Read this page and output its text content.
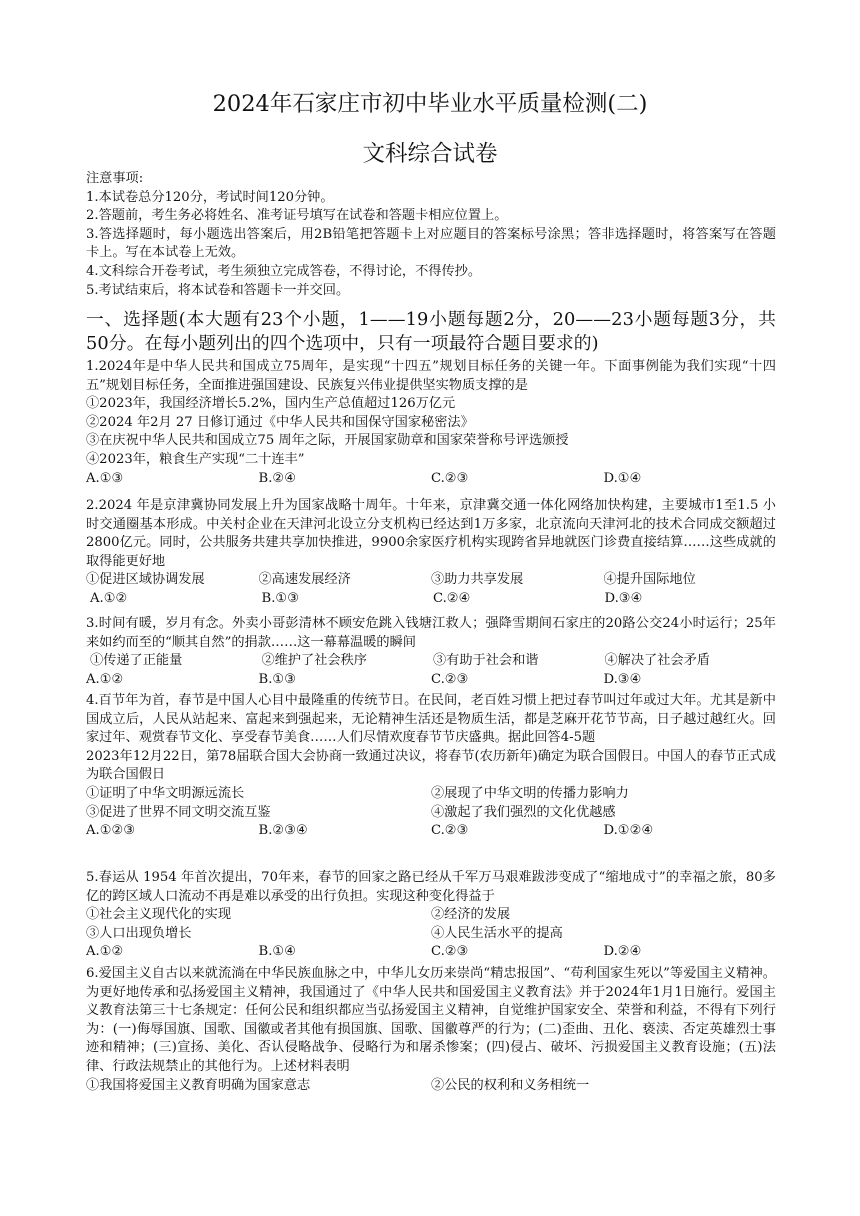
2024年石家庄市初中毕业水平质量检测(二)
文科综合试卷

注意事项:

1.本试卷总分120分，考试时间120分钟。

2.答题前，考生务必将姓名、准考证号填写在试卷和答题卡相应位置上。

3.答选择题时，每小题选出答案后，用2B铅笔把答题卡上对应题目的答案标号涂黑；答非选择题时，将答案写在答题卡上。写在本试卷上无效。

4.文科综合开卷考试，考生须独立完成答卷，不得讨论，不得传抄。

5.考试结束后，将本试卷和答题卡一并交回。

一、选择题(本大题有23个小题，1——19小题每题2分，20——23小题每题3分，共50分。在每小题列出的四个选项中，只有一项最符合题目要求的)

1.2024年是中华人民共和国成立75周年，是实现“十四五”规划目标任务的关键一年。下面事例能为我们实现“十四五”规划目标任务，全面推进强国建设、民族复兴伟业提供坚实物质支撑的是

①2023年，我国经济增长5.2%，国内生产总值超过126万亿元

②2024 年2月 27 日修订通过《中华人民共和国保守国家秘密法》

③在庆祝中华人民共和国成立75 周年之际，开展国家勋章和国家荣誉称号评选颁授

④2023年，粮食生产实现“二十连丰”

A.①③	B.②④	C.②③	D.①④

2.2024 年是京津冀协同发展上升为国家战略十周年。十年来，京津冀交通一体化网络加快构建，主要城市1至1.5 小时交通圈基本形成。中关村企业在天津河北设立分支机构已经达到1万多家，北京流向天津河北的技术合同成交额超过2800亿元。同时，公共服务共建共享加快推进，9900余家医疗机构实现跨省异地就医门诊费直接结算……这些成就的取得能更好地

①促进区域协调发展	②高速发展经济	③助力共享发展	④提升国际地位
A.①②	B.①③	C.②④	D.③④

3.时间有暖，岁月有念。外卖小哥彭清林不顾安危跳入钱塘江救人；强降雪期间石家庄的20路公交24小时运行；25年来如约而至的“顺其自然”的捐款……这一幕幕温暖的瞬间

①传递了正能量	②维护了社会秩序	③有助于社会和谐	④解决了社会矛盾
A.①②	B.①③	C.②③	D.③④

4.百节年为首，春节是中国人心目中最隆重的传统节日。在民间，老百姓习惯上把过春节叫过年或过大年。尤其是新中国成立后，人民从站起来、富起来到强起来，无论精神生活还是物质生活，都是芝麻开花节节高，日子越过越红火。回家过年、观赏春节文化、享受春节美食……人们尽情欢度春节节庆盛典。据此回答4-5题

2023年12月22日，第78届联合国大会协商一致通过决议，将春节(农历新年)确定为联合国假日。中国人的春节正式成为联合国假日

①证明了中华文明源远流长	②展现了中华文明的传播力影响力
③促进了世界不同文明交流互鉴	④激起了我们强烈的文化优越感
A.①②③	B.②③④	C.②③	D.①②④

5.春运从 1954 年首次提出，70年来，春节的回家之路已经从千军万马艰难跋涉变成了“缩地成寸”的幸福之旅，80多亿的跨区域人口流动不再是难以承受的出行负担。实现这种变化得益于

①社会主义现代化的实现	②经济的发展
③人口出现负增长	④人民生活水平的提高
A.①②	B.①④	C.②③	D.②④

6.爱国主义自古以来就流淌在中华民族血脉之中，中华儿女历来崇尚“精忠报国”、“苟利国家生死以”等爱国主义精神。为更好地传承和弘扬爱国主义精神，我国通过了《中华人民共和国爱国主义教育法》并于2024年1月1日施行。爱国主义教育法第三十七条规定：任何公民和组织都应当弘扬爱国主义精神，自觉维护国家安全、荣誉和利益，不得有下列行为：(一)侮辱国旗、国歌、国徽或者其他有损国旗、国歌、国徽尊严的行为；(二)歪曲、丑化、亵渎、否定英雄烈士事迹和精神；(三)宣扬、美化、否认侵略战争、侵略行为和屠杀惨案；(四)侵占、破坏、污损爱国主义教育设施；(五)法律、行政法规禁止的其他行为。上述材料表明

①我国将爱国主义教育明确为国家意志	②公民的权利和义务相统一
